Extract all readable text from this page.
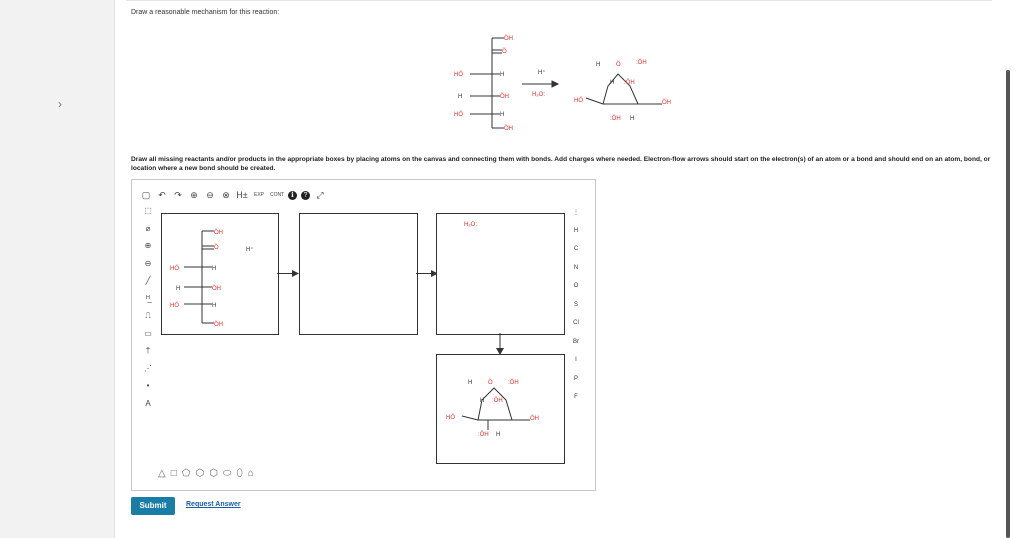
›
Draw a reasonable mechanism for this reaction:
ÖH
Ö
HÖ	H
H	ÖH
HÖ	H
ÖH
H⁺
H₂O:
H	Ö	:ÖH
:ÖH
H
HÖ	ÖH
:ÖH H
Draw all missing reactants and/or products in the appropriate boxes by placing atoms on the canvas and connecting them with bonds. Add charges where needed. Electron-flow arrows should start on the electron(s) of an atom or a bond and should end on an atom, bond, or location where a new bond should be created.
▢ ↶ ↷ ⊕ ⊖ ⊗ H±	EXP	CONT ℹ	? ⤢
⬚
⌀
⊕
⊖
╱
ᴴ̲
⎍
▭
†
⋰
•
A
⋮
H
C
N
O
S
Cl
Br
I
P
F
ÖH
Ö
HÖ	H
H	ÖH
HÖ	H
ÖH
H⁺
H₂O:
H	Ö	:ÖH
H :ÖH
HÖ	ÖH
:ÖH H
△ □ ⬠ ⬡ ⬡ ⬭ ⬯ ⌂
Submit	Request Answer
